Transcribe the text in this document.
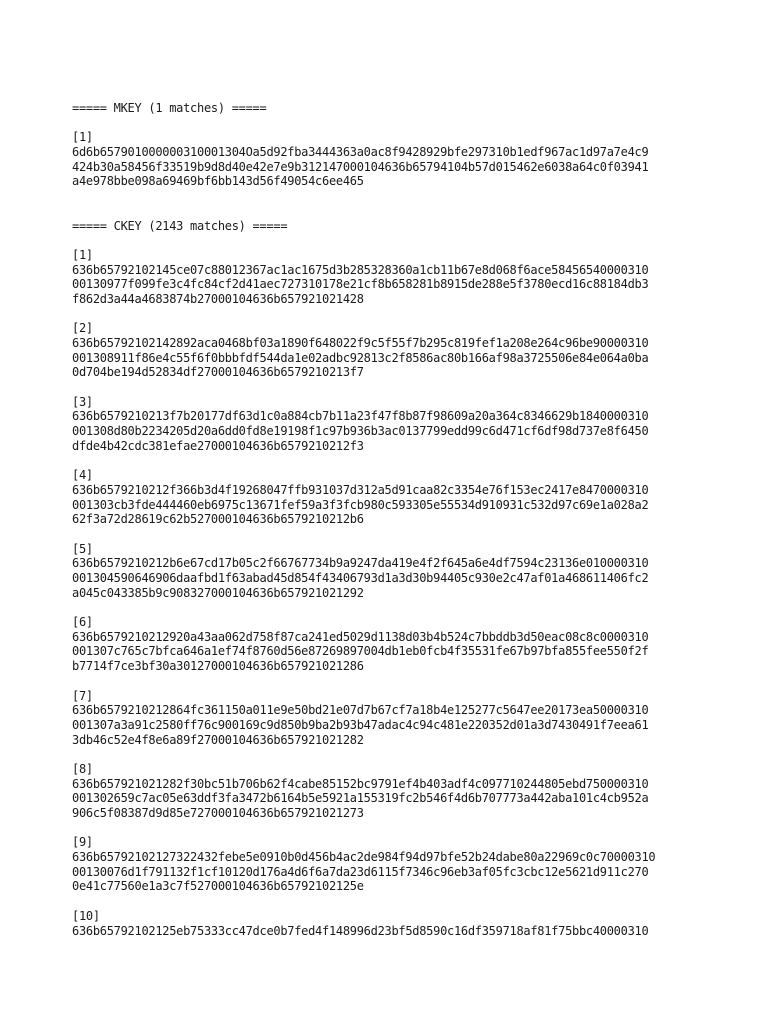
===== MKEY (1 matches) =====
[1]
6d6b657901000000310001304Oa5d92fba3444363a0ac8f9428929bfe297310b1edf967ac1d97a7e4c9
424b30a58456f33519b9d8d40e42e7e9b312147000104636b65794104b57d015462e6038a64c0f03941
a4e978bbe098a69469bf6bb143d56f49054c6ee465
===== CKEY (2143 matches) =====
[1]
636b65792102145ce07c88012367ac1ac1675d3b285328360a1cb11b67e8d068f6ace58456540000310
00130977f099fe3c4fc84cf2d41aec727310178e21cf8b658281b8915de288e5f3780ecd16c88184db3
f862d3a44a4683874b27000104636b657921021428
[2]
636b65792102142892aca0468bf03a1890f648022f9c5f55f7b295c819fef1a208e264c96be90000310
001308911f86e4c55f6f0bbbfdf544da1e02adbc92813c2f8586ac80b166af98a3725506e84e064a0ba
0d704be194d52834df27000104636b6579210213f7
[3]
636b6579210213f7b20177df63d1c0a884cb7b11a23f47f8b87f98609a20a364c8346629b1840000310
001308d80b2234205d20a6dd0fd8e19198f1c97b936b3ac0137799edd99c6d471cf6df98d737e8f6450
dfde4b42cdc381efae27000104636b6579210212f3
[4]
636b6579210212f366b3d4f19268047ffb931037d312a5d91caa82c3354e76f153ec2417e8470000310
001303cb3fde444460eb6975c13671fef59a3f3fcb980c593305e55534d910931c532d97c69e1a028a2
62f3a72d28619c62b527000104636b6579210212b6
[5]
636b6579210212b6e67cd17b05c2f66767734b9a9247da419e4f2f645a6e4df7594c23136e010000310
001304590646906daafbd1f63abad45d854f43406793d1a3d30b94405c930e2c47af01a468611406fc2
a045c043385b9c908327000104636b657921021292
[6]
636b6579210212920a43aa062d758f87ca241ed5029d1138d03b4b524c7bbddb3d50eac08c8c0000310
001307c765c7bfca646a1ef74f8760d56e87269897004db1eb0fcb4f35531fe67b97bfa855fee550f2f
b7714f7ce3bf30a30127000104636b657921021286
[7]
636b6579210212864fc361150a011e9e50bd21e07d7b67cf7a18b4e125277c5647ee20173ea50000310
001307a3a91c2580ff76c900169c9d850b9ba2b93b47adac4c94c481e220352d01a3d7430491f7eea61
3db46c52e4f8e6a89f27000104636b657921021282
[8]
636b657921021282f30bc51b706b62f4cabe85152bc9791ef4b403adf4c097710244805ebd750000310
001302659c7ac05e63ddf3fa3472b6164b5e5921a155319fc2b546f4d6b707773a442aba101c4cb952a
906c5f08387d9d85e727000104636b657921021273
[9]
636b65792102127322432febe5e0910b0d456b4ac2de984f94d97bfe52b24dabe80a22969c0c70000310
00130076d1f791132f1cf10120d176a4d6f6a7da23d6115f7346c96eb3af05fc3cbc12e5621d911c270
0e41c77560e1a3c7f527000104636b65792102125e
[10]
636b65792102125eb75333cc47dce0b7fed4f148996d23bf5d8590c16df359718af81f75bbc40000310
